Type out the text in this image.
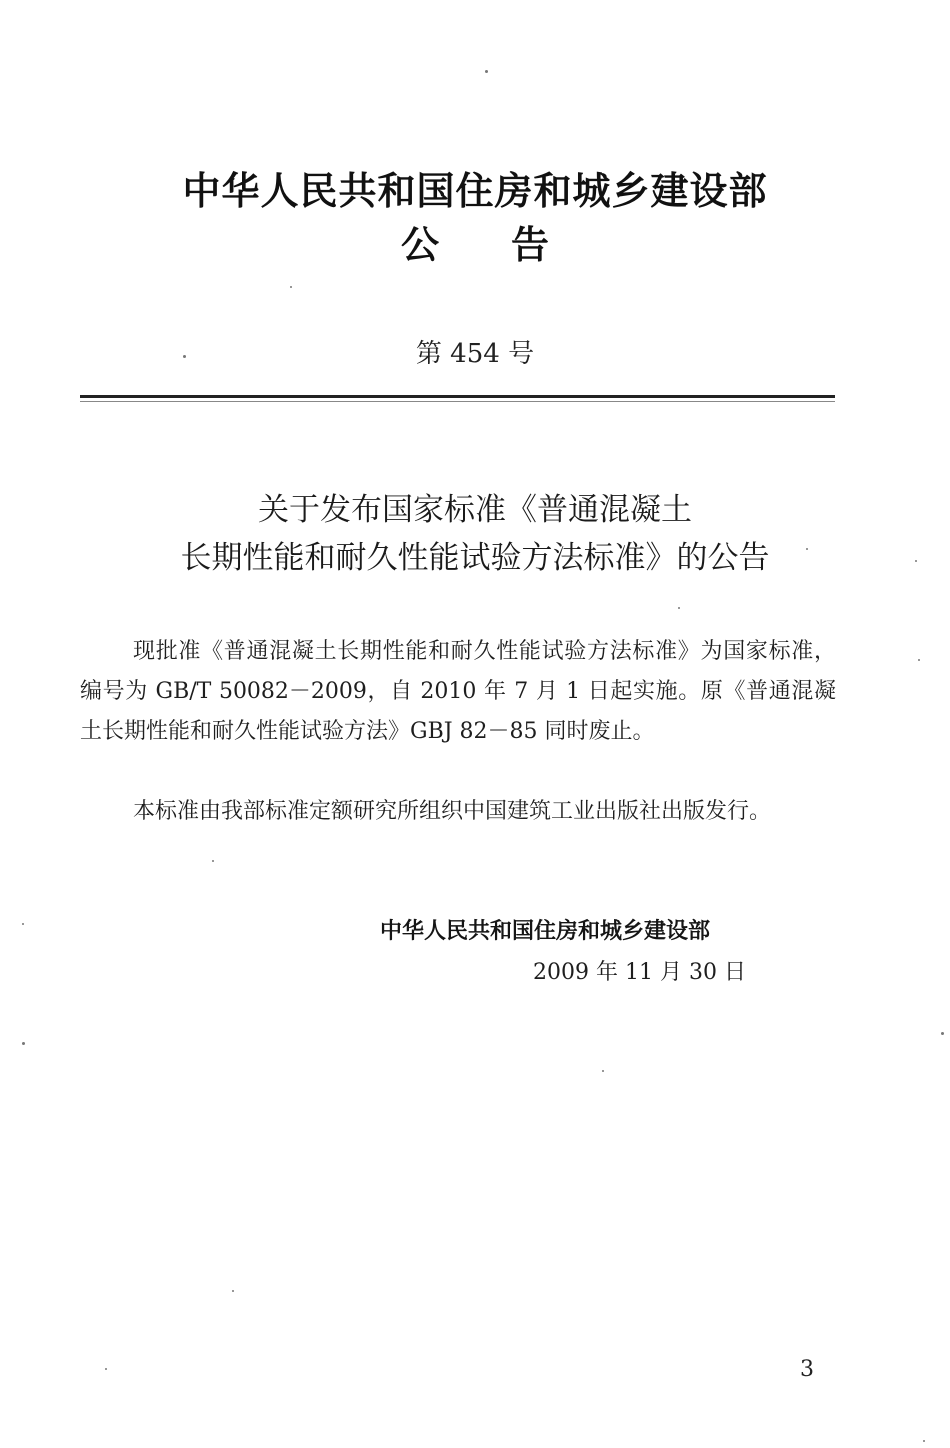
中华人民共和国住房和城乡建设部
公告
第 454 号
关于发布国家标准《普通混凝土
长期性能和耐久性能试验方法标准》的公告
现批准《普通混凝土长期性能和耐久性能试验方法标准》为国家标准，编号为 GB/T 50082－2009，自 2010 年 7 月 1 日起实施。原《普通混凝土长期性能和耐久性能试验方法》GBJ 82－85 同时废止。
本标准由我部标准定额研究所组织中国建筑工业出版社出版发行。
中华人民共和国住房和城乡建设部
2009 年 11 月 30 日
3
